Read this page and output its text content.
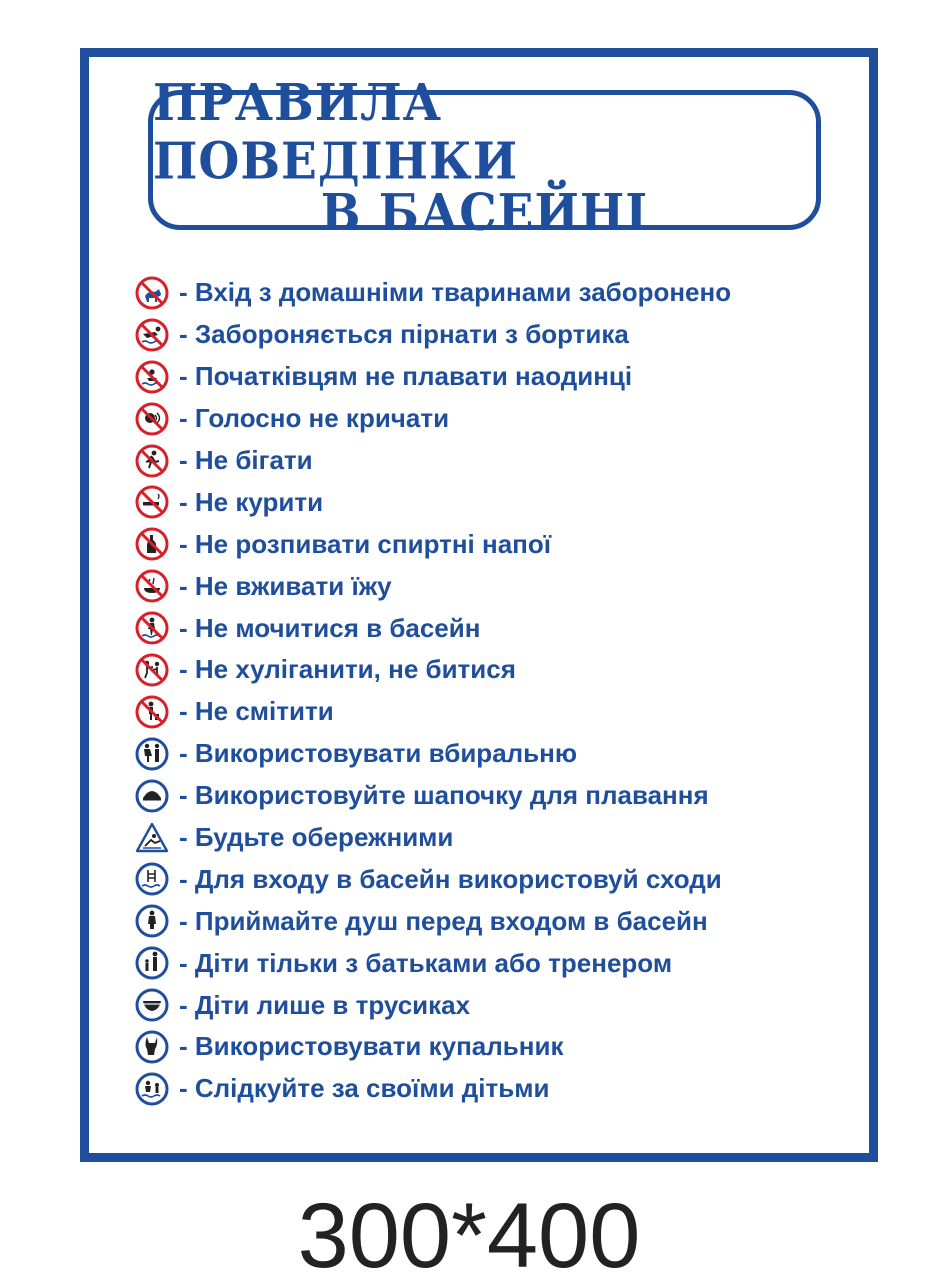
ПРАВИЛА ПОВЕДІНКИ
В БАСЕЙНІ
- Вхід з домашніми тваринами заборонено
- Забороняється пірнати з бортика
- Початківцям не плавати наодинці
- Голосно не кричати
- Не бігати
- Не курити
- Не розпивати спиртні напої
- Не вживати їжу
- Не мочитися в басейн
- Не хуліганити, не битися
- Не смітити
- Використовувати вбиральню
- Використовуйте шапочку для плавання
- Будьте обережними
- Для входу в басейн використовуй сходи
- Приймайте душ перед входом в басейн
- Діти тільки з батьками або тренером
- Діти лише в трусиках
- Використовувати купальник
- Слідкуйте за своїми дітьми
300*400
